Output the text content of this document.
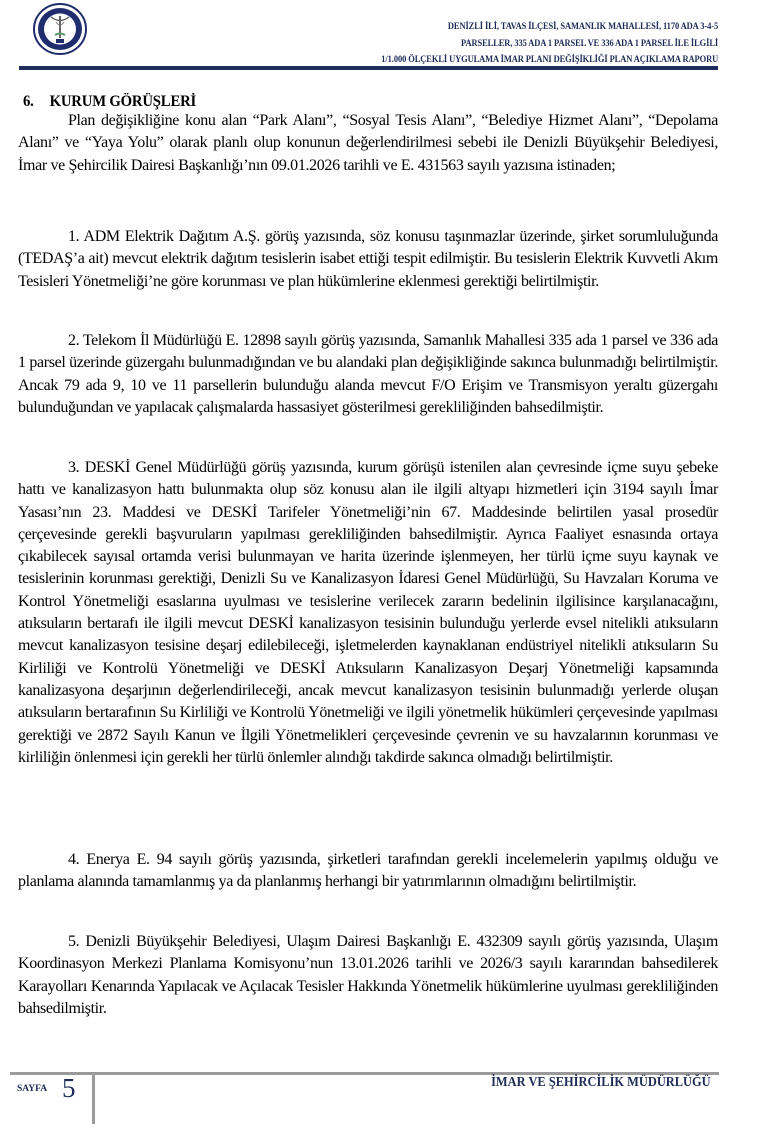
DENİZLİ İLİ, TAVAS İLÇESİ, SAMANLIK MAHALLESİ, 1170 ADA 3-4-5
PARSELLER, 335 ADA 1 PARSEL VE 336 ADA 1 PARSEL İLE İLGİLİ
1/1.000 ÖLÇEKLİ UYGULAMA İMAR PLANI DEĞİŞİKLİĞİ PLAN AÇIKLAMA RAPORU
6. KURUM GÖRÜŞLERİ

Plan değişikliğine konu alan “Park Alanı”, “Sosyal Tesis Alanı”, “Belediye Hizmet Alanı”, “Depolama Alanı” ve “Yaya Yolu” olarak planlı olup konunun değerlendirilmesi sebebi ile Denizli Büyükşehir Belediyesi, İmar ve Şehircilik Dairesi Başkanlığı’nın 09.01.2026 tarihli ve E. 431563 sayılı yazısına istinaden;

1. ADM Elektrik Dağıtım A.Ş. görüş yazısında, söz konusu taşınmazlar üzerinde, şirket sorumluluğunda (TEDAŞ’a ait) mevcut elektrik dağıtım tesislerin isabet ettiği tespit edilmiştir. Bu tesislerin Elektrik Kuvvetli Akım Tesisleri Yönetmeliği’ne göre korunması ve plan hükümlerine eklenmesi gerektiği belirtilmiştir.

2. Telekom İl Müdürlüğü E. 12898 sayılı görüş yazısında, Samanlık Mahallesi 335 ada 1 parsel ve 336 ada 1 parsel üzerinde güzergahı bulunmadığından ve bu alandaki plan değişikliğinde sakınca bulunmadığı belirtilmiştir. Ancak 79 ada 9, 10 ve 11 parsellerin bulunduğu alanda mevcut F/O Erişim ve Transmisyon yeraltı güzergahı bulunduğundan ve yapılacak çalışmalarda hassasiyet gösterilmesi gerekliliğinden bahsedilmiştir.

3. DESKİ Genel Müdürlüğü görüş yazısında, kurum görüşü istenilen alan çevresinde içme suyu şebeke hattı ve kanalizasyon hattı bulunmakta olup söz konusu alan ile ilgili altyapı hizmetleri için 3194 sayılı İmar Yasası’nın 23. Maddesi ve DESKİ Tarifeler Yönetmeliği’nin 67. Maddesinde belirtilen yasal prosedür çerçevesinde gerekli başvuruların yapılması gerekliliğinden bahsedilmiştir. Ayrıca Faaliyet esnasında ortaya çıkabilecek sayısal ortamda verisi bulunmayan ve harita üzerinde işlenmeyen, her türlü içme suyu kaynak ve tesislerinin korunması gerektiği, Denizli Su ve Kanalizasyon İdaresi Genel Müdürlüğü, Su Havzaları Koruma ve Kontrol Yönetmeliği esaslarına uyulması ve tesislerine verilecek zararın bedelinin ilgilisince karşılanacağını, atıksuların bertarafı ile ilgili mevcut DESKİ kanalizasyon tesisinin bulunduğu yerlerde evsel nitelikli atıksuların mevcut kanalizasyon tesisine deşarj edilebileceği, işletmelerden kaynaklanan endüstriyel nitelikli atıksuların Su Kirliliği ve Kontrolü Yönetmeliği ve DESKİ Atıksuların Kanalizasyon Deşarj Yönetmeliği kapsamında kanalizasyona deşarjının değerlendirileceği, ancak mevcut kanalizasyon tesisinin bulunmadığı yerlerde oluşan atıksuların bertarafının Su Kirliliği ve Kontrolü Yönetmeliği ve ilgili yönetmelik hükümleri çerçevesinde yapılması gerektiği ve 2872 Sayılı Kanun ve İlgili Yönetmelikleri çerçevesinde çevrenin ve su havzalarının korunması ve kirliliğin önlenmesi için gerekli her türlü önlemler alındığı takdirde sakınca olmadığı belirtilmiştir.

4. Enerya E. 94 sayılı görüş yazısında, şirketleri tarafından gerekli incelemelerin yapılmış olduğu ve planlama alanında tamamlanmış ya da planlanmış herhangi bir yatırımlarının olmadığını belirtilmiştir.

5. Denizli Büyükşehir Belediyesi, Ulaşım Dairesi Başkanlığı E. 432309 sayılı görüş yazısında, Ulaşım Koordinasyon Merkezi Planlama Komisyonu’nun 13.01.2026 tarihli ve 2026/3 sayılı kararından bahsedilerek Karayolları Kenarında Yapılacak ve Açılacak Tesisler Hakkında Yönetmelik hükümlerine uyulması gerekliliğinden bahsedilmiştir.

SAYFA 5	İMAR VE ŞEHİRCİLİK MÜDÜRLÜĞÜ
